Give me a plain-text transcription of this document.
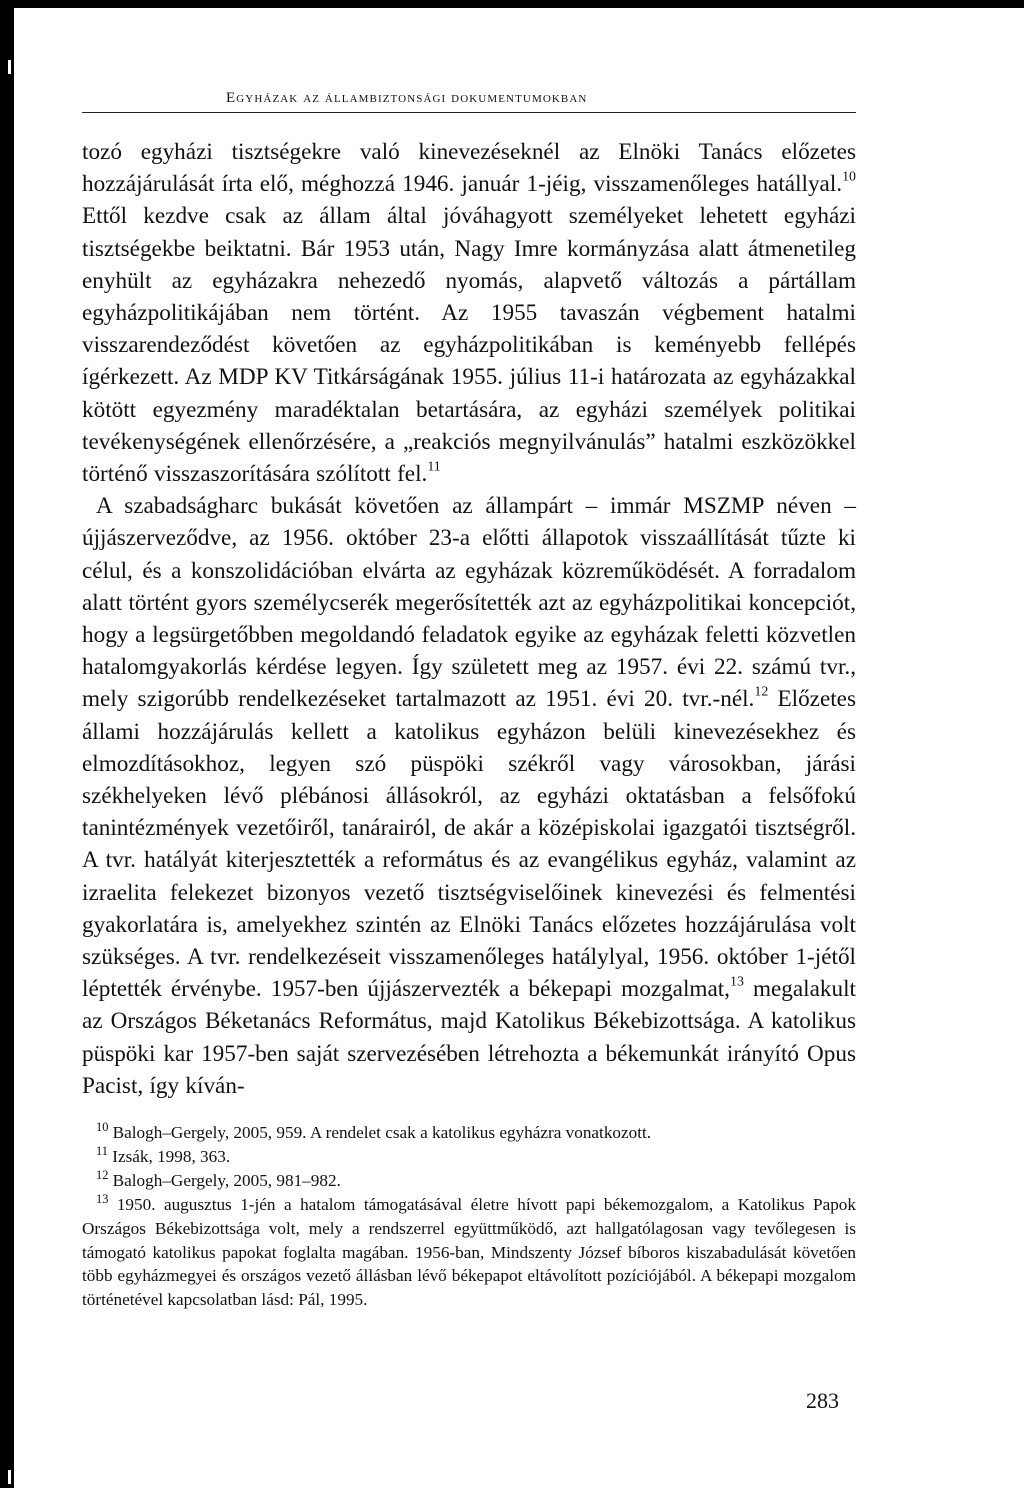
Egyházak az állambiztonsági dokumentumokban

tozó egyházi tisztségekre való kinevezéseknél az Elnöki Tanács előzetes hozzájárulását írta elő, méghozzá 1946. január 1-jéig, visszamenőleges hatállyal.$^{10}$ Ettől kezdve csak az állam által jóváhagyott személyeket lehetett egyházi tisztségekbe beiktatni. Bár 1953 után, Nagy Imre kormányzása alatt átmenetileg enyhült az egyházakra nehezedő nyomás, alapvető változás a pártállam egyházpolitikájában nem történt. Az 1955 tavaszán végbement hatalmi visszarendeződést követően az egyházpolitikában is keményebb fellépés ígérkezett. Az MDP KV Titkárságának 1955. július 11-i határozata az egyházakkal kötött egyezmény maradéktalan betartására, az egyházi személyek politikai tevékenységének ellenőrzésére, a „reakciós megnyilvánulás” hatalmi eszközökkel történő visszaszorítására szólított fel.$^{11}$

A szabadságharc bukását követően az állampárt – immár MSZMP néven – újjászerveződve, az 1956. október 23-a előtti állapotok visszaállítását tűzte ki célul, és a konszolidációban elvárta az egyházak közreműködését. A forradalom alatt történt gyors személycserék megerősítették azt az egyházpolitikai koncepciót, hogy a legsürgetőbben megoldandó feladatok egyike az egyházak feletti közvetlen hatalomgyakorlás kérdése legyen. Így született meg az 1957. évi 22. számú tvr., mely szigorúbb rendelkezéseket tartalmazott az 1951. évi 20. tvr.-nél.$^{12}$ Előzetes állami hozzájárulás kellett a katolikus egyházon belüli kinevezésekhez és elmozdításokhoz, legyen szó püspöki székről vagy városokban, járási székhelyeken lévő plébánosi állásokról, az egyházi oktatásban a felsőfokú tanintézmények vezetőiről, tanárairól, de akár a középiskolai igazgatói tisztségről. A tvr. hatályát kiterjesztették a református és az evangélikus egyház, valamint az izraelita felekezet bizonyos vezető tisztségviselőinek kinevezési és felmentési gyakorlatára is, amelyekhez szintén az Elnöki Tanács előzetes hozzájárulása volt szükséges. A tvr. rendelkezéseit visszamenőleges hatálylyal, 1956. október 1-jétől léptették érvénybe. 1957-ben újjászervezték a békepapi mozgalmat,$^{13}$ megalakult az Országos Béketanács Református, majd Katolikus Békebizottsága. A katolikus püspöki kar 1957-ben saját szervezésében létrehozta a békemunkát irányító Opus Pacist, így kíván-

$^{10}$ Balogh–Gergely, 2005, 959. A rendelet csak a katolikus egyházra vonatkozott.

$^{11}$ Izsák, 1998, 363.

$^{12}$ Balogh–Gergely, 2005, 981–982.

$^{13}$ 1950. augusztus 1-jén a hatalom támogatásával életre hívott papi békemozgalom, a Katolikus Papok Országos Békebizottsága volt, mely a rendszerrel együttműködő, azt hallgatólagosan vagy tevőlegesen is támogató katolikus papokat foglalta magában. 1956-ban, Mindszenty József bíboros kiszabadulását követően több egyházmegyei és országos vezető állásban lévő békepapot eltávolított pozíciójából. A békepapi mozgalom történetével kapcsolatban lásd: Pál, 1995.

283
